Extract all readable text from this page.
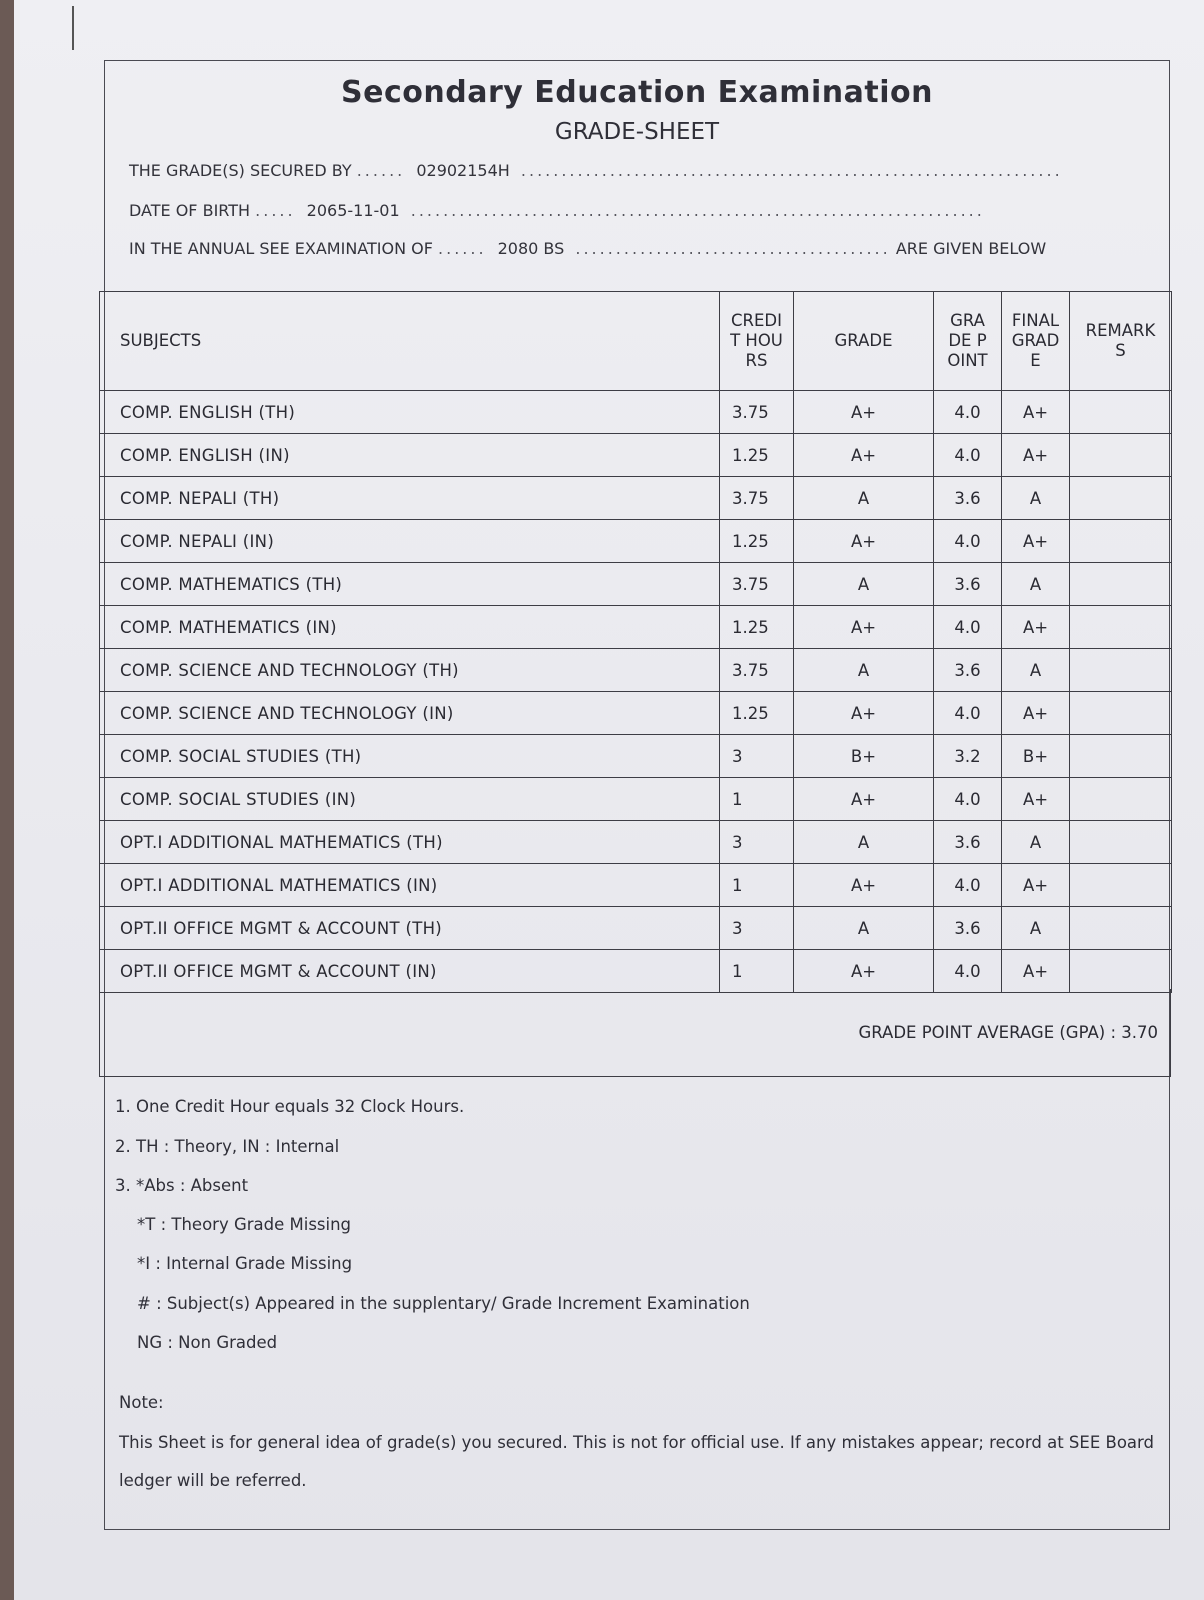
Secondary Education Examination
GRADE-SHEET
THE GRADE(S) SECURED BY ...... 02902154H ...................................................................
DATE OF BIRTH ..... 2065-11-01 .......................................................................
IN THE ANNUAL SEE EXAMINATION OF ...... 2080 BS ....................................... ARE GIVEN BELOW
SUBJECTS	CREDIT HOURS	GRADE	GRADE POINT	FINAL GRADE	REMARKS

COMP. ENGLISH (TH)	3.75	A+	4.0	A+	
COMP. ENGLISH (IN)	1.25	A+	4.0	A+	
COMP. NEPALI (TH)	3.75	A	3.6	A	
COMP. NEPALI (IN)	1.25	A+	4.0	A+	
COMP. MATHEMATICS (TH)	3.75	A	3.6	A	
COMP. MATHEMATICS (IN)	1.25	A+	4.0	A+	
COMP. SCIENCE AND TECHNOLOGY (TH)	3.75	A	3.6	A	
COMP. SCIENCE AND TECHNOLOGY (IN)	1.25	A+	4.0	A+	
COMP. SOCIAL STUDIES (TH)	3	B+	3.2	B+	
COMP. SOCIAL STUDIES (IN)	1	A+	4.0	A+	
OPT.I ADDITIONAL MATHEMATICS (TH)	3	A	3.6	A	
OPT.I ADDITIONAL MATHEMATICS (IN)	1	A+	4.0	A+	
OPT.II OFFICE MGMT & ACCOUNT (TH)	3	A	3.6	A	
OPT.II OFFICE MGMT & ACCOUNT (IN)	1	A+	4.0	A+	
GRADE POINT AVERAGE (GPA) : 3.70
1. One Credit Hour equals 32 Clock Hours.
2. TH : Theory, IN : Internal
3. *Abs : Absent
*T : Theory Grade Missing
*I : Internal Grade Missing
# : Subject(s) Appeared in the supplentary/ Grade Increment Examination
NG : Non Graded
Note:
This Sheet is for general idea of grade(s) you secured. This is not for official use. If any mistakes appear; record at SEE Board
ledger will be referred.
